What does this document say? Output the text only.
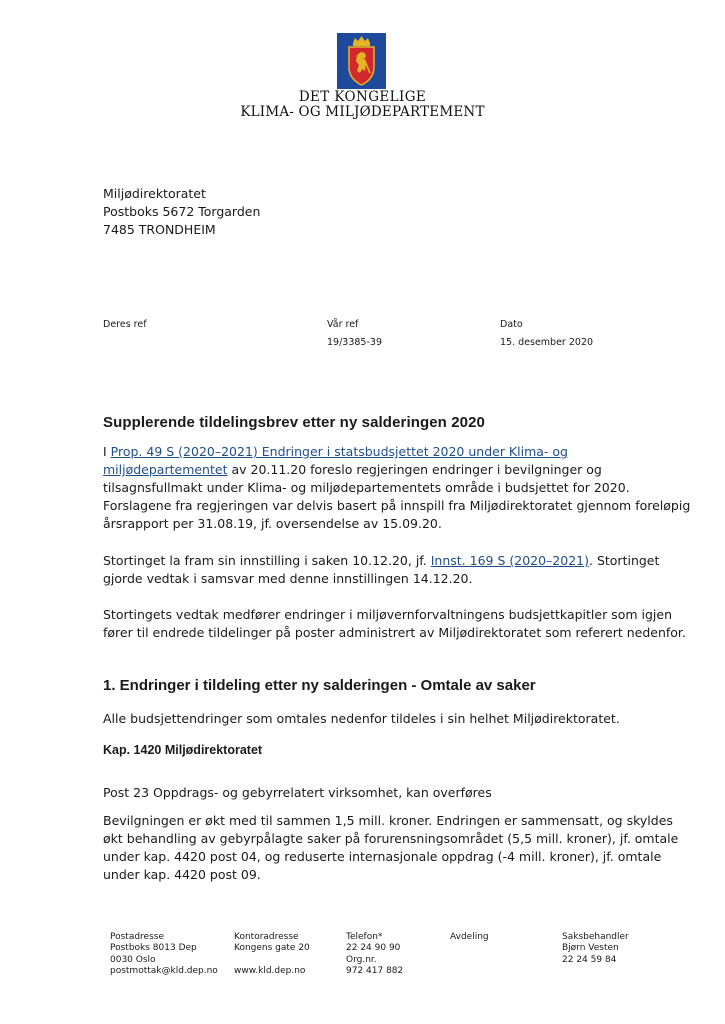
DET KONGELIGE
KLIMA- OG MILJØDEPARTEMENT
Miljødirektoratet
Postboks 5672 Torgarden
7485 TRONDHEIM
Deres ref	Vår ref
19/3385-39
Dato
15. desember 2020
Supplerende tildelingsbrev etter ny salderingen 2020
I Prop. 49 S (2020–2021) Endringer i statsbudsjettet 2020 under Klima- og
miljødepartementet av 20.11.20 foreslo regjeringen endringer i bevilgninger og
tilsagnsfullmakt under Klima- og miljødepartementets område i budsjettet for 2020.
Forslagene fra regjeringen var delvis basert på innspill fra Miljødirektoratet gjennom foreløpig
årsrapport per 31.08.19, jf. oversendelse av 15.09.20.
Stortinget la fram sin innstilling i saken 10.12.20, jf. Innst. 169 S (2020–2021). Stortinget
gjorde vedtak i samsvar med denne innstillingen 14.12.20.
Stortingets vedtak medfører endringer i miljøvernforvaltningens budsjettkapitler som igjen
fører til endrede tildelinger på poster administrert av Miljødirektoratet som referert nedenfor.
1. Endringer i tildeling etter ny salderingen - Omtale av saker
Alle budsjettendringer som omtales nedenfor tildeles i sin helhet Miljødirektoratet.
Kap. 1420 Miljødirektoratet
Post 23 Oppdrags- og gebyrrelatert virksomhet, kan overføres
Bevilgningen er økt med til sammen 1,5 mill. kroner. Endringen er sammensatt, og skyldes
økt behandling av gebyrpålagte saker på forurensningsområdet (5,5 mill. kroner), jf. omtale
under kap. 4420 post 04, og reduserte internasjonale oppdrag (-4 mill. kroner), jf. omtale
under kap. 4420 post 09.
Postadresse
Postboks 8013 Dep
0030 Oslo
postmottak@kld.dep.no
Kontoradresse
Kongens gate 20

www.kld.dep.no
Telefon*
22 24 90 90
Org.nr.
972 417 882
Avdeling	Saksbehandler
Bjørn Vesten
22 24 59 84
